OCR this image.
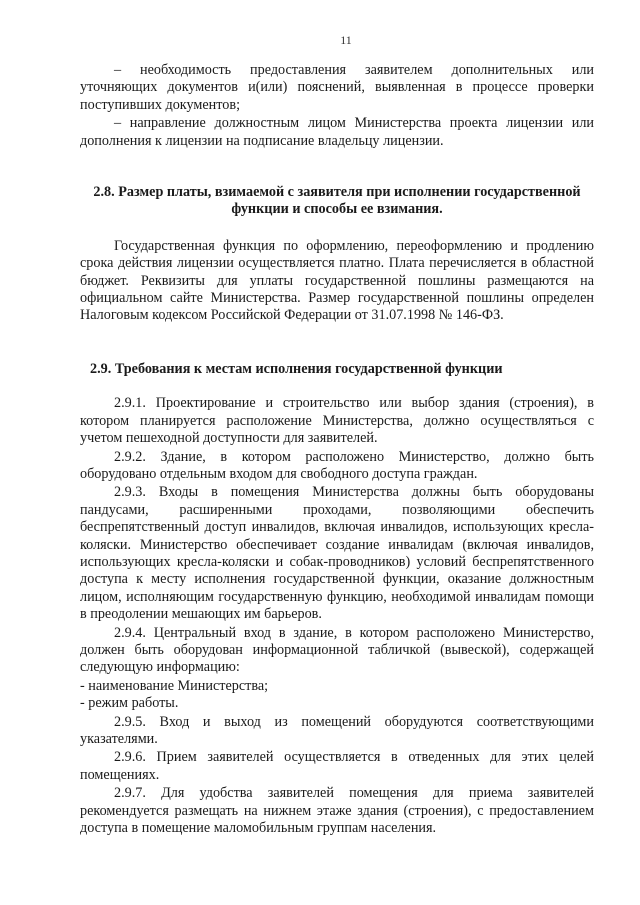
11

– необходимость предоставления заявителем дополнительных или уточняющих документов и(или) пояснений, выявленная в процессе проверки поступивших документов;

– направление должностным лицом Министерства проекта лицензии или дополнения к лицензии на подписание владельцу лицензии.

2.8. Размер платы, взимаемой с заявителя при исполнении государственной функции и способы ее взимания.

Государственная функция по оформлению, переоформлению и продлению срока действия лицензии осуществляется платно. Плата перечисляется в областной бюджет. Реквизиты для уплаты государственной пошлины размещаются на официальном сайте Министерства. Размер государственной пошлины определен Налоговым кодексом Российской Федерации от 31.07.1998 № 146-ФЗ.

2.9. Требования к местам исполнения государственной функции

2.9.1. Проектирование и строительство или выбор здания (строения), в котором планируется расположение Министерства, должно осуществляться с учетом пешеходной доступности для заявителей.

2.9.2. Здание, в котором расположено Министерство, должно быть оборудовано отдельным входом для свободного доступа граждан.

2.9.3. Входы в помещения Министерства должны быть оборудованы пандусами, расширенными проходами, позволяющими обеспечить беспрепятственный доступ инвалидов, включая инвалидов, использующих кресла-коляски. Министерство обеспечивает создание инвалидам (включая инвалидов, использующих кресла-коляски и собак-проводников) условий беспрепятственного доступа к месту исполнения государственной функции, оказание должностным лицом, исполняющим государственную функцию, необходимой инвалидам помощи в преодолении мешающих им барьеров.

2.9.4. Центральный вход в здание, в котором расположено Министерство, должен быть оборудован информационной табличкой (вывеской), содержащей следующую информацию:

- наименование Министерства;

- режим работы.

2.9.5. Вход и выход из помещений оборудуются соответствующими указателями.

2.9.6. Прием заявителей осуществляется в отведенных для этих целей помещениях.

2.9.7. Для удобства заявителей помещения для приема заявителей рекомендуется размещать на нижнем этаже здания (строения), с предоставлением доступа в помещение маломобильным группам населения.
